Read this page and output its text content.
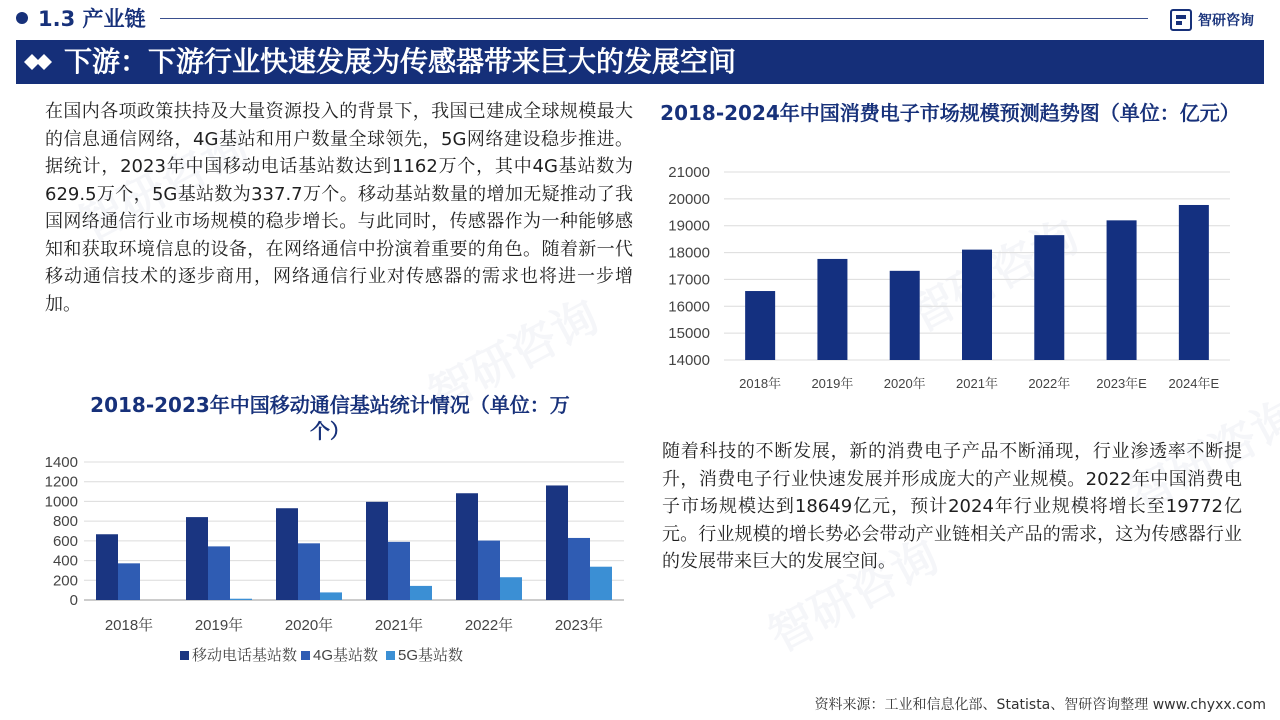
1.3 产业链	智研咨询
下游：下游行业快速发展为传感器带来巨大的发展空间

在国内各项政策扶持及大量资源投入的背景下，我国已建成全球规模最大的信息通信网络，4G基站和用户数量全球领先，5G网络建设稳步推进。据统计，2023年中国移动电话基站数达到1162万个，其中4G基站数为629.5万个，5G基站数为337.7万个。移动基站数量的增加无疑推动了我国网络通信行业市场规模的稳步增长。与此同时，传感器作为一种能够感知和获取环境信息的设备，在网络通信中扮演着重要的角色。随着新一代移动通信技术的逐步商用，网络通信行业对传感器的需求也将进一步增加。

2018-2024年中国消费电子市场规模预测趋势图（单位：亿元）
14000
15000
16000
17000
18000
19000
20000
21000
2018年 2019年 2020年 2021年 2022年 2023年E 2024年E
2018-2023年中国移动通信基站统计情况（单位：万个）
0
200
400
600
800
1000
1200
1400
2018年	2019年	2020年	2021年	2022年	2023年
移动电话基站数 4G基站数 5G基站数

随着科技的不断发展，新的消费电子产品不断涌现，行业渗透率不断提升，消费电子行业快速发展并形成庞大的产业规模。2022年中国消费电子市场规模达到18649亿元，预计2024年行业规模将增长至19772亿元。行业规模的增长势必会带动产业链相关产品的需求，这为传感器行业的发展带来巨大的发展空间。

资料来源：工业和信息化部、Statista、智研咨询整理 www.chyxx.com
